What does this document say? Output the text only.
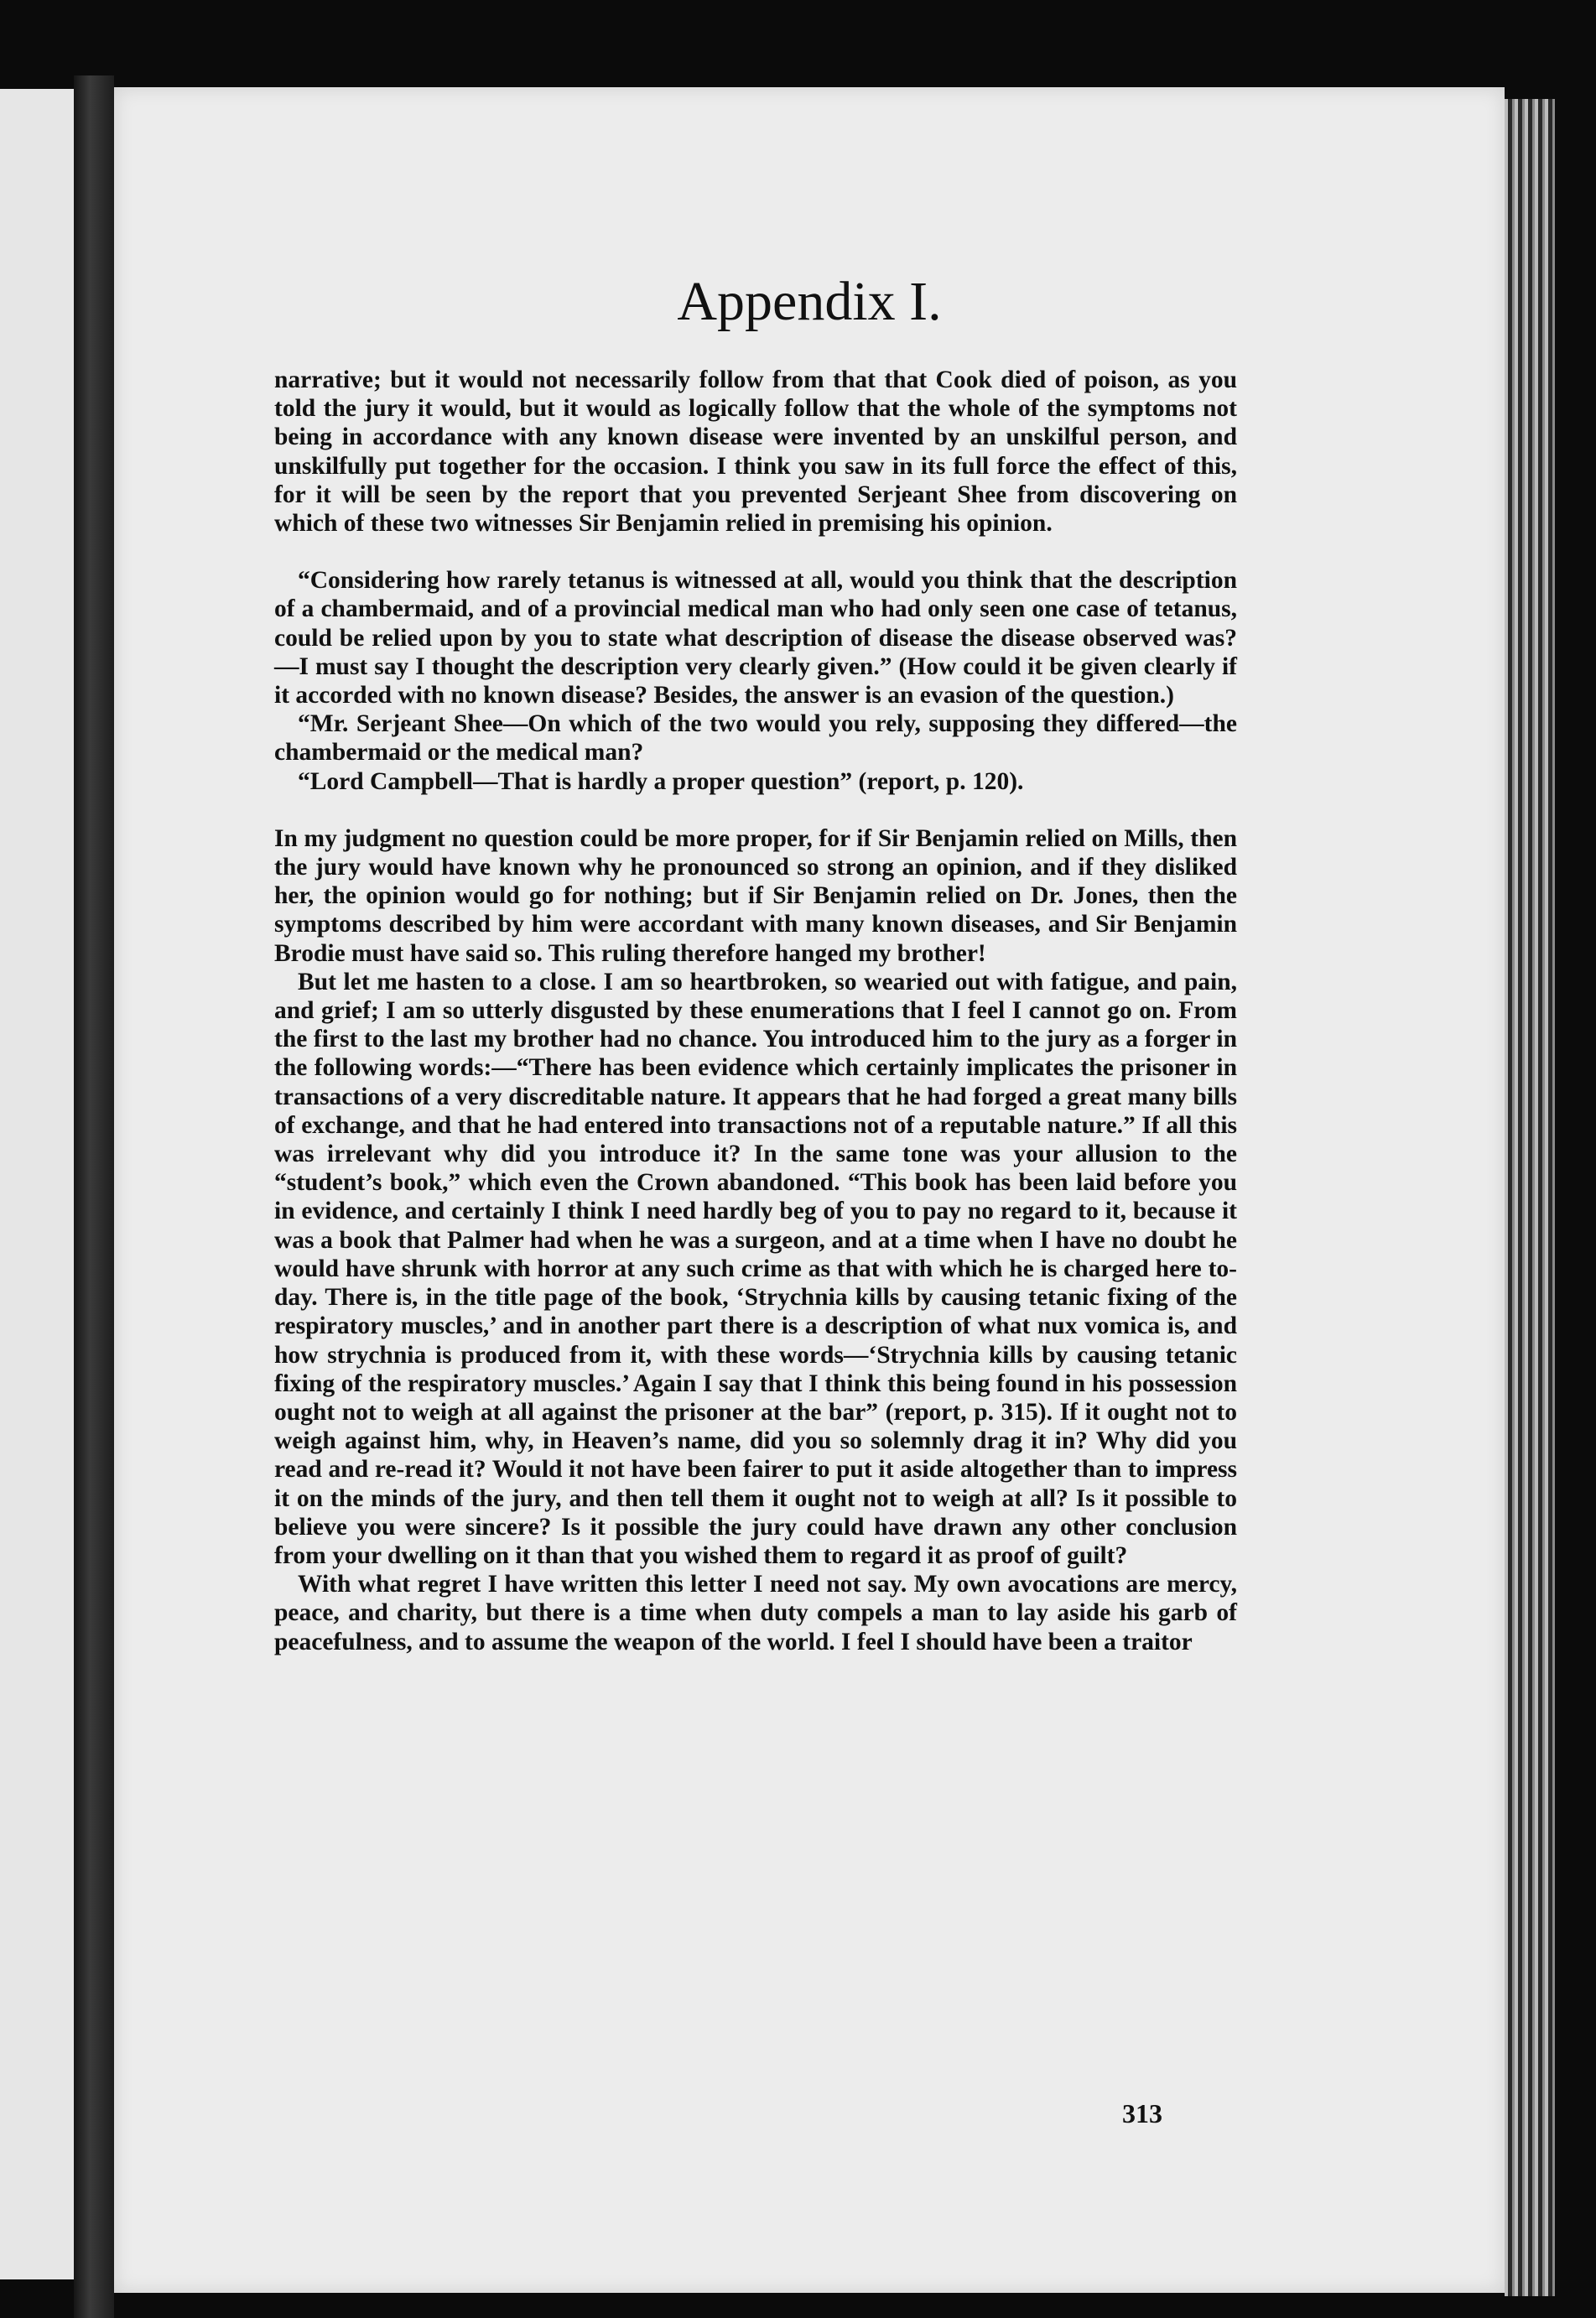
Appendix I.

narrative; but it would not necessarily follow from that that Cook died of poison, as you told the jury it would, but it would as logically follow that the whole of the symptoms not being in accordance with any known disease were invented by an unskilful person, and unskilfully put together for the occasion. I think you saw in its full force the effect of this, for it will be seen by the report that you prevented Serjeant Shee from discovering on which of these two witnesses Sir Benjamin relied in premising his opinion.

“Considering how rarely tetanus is witnessed at all, would you think that the description of a chambermaid, and of a provincial medical man who had only seen one case of tetanus, could be relied upon by you to state what description of disease the disease observed was?—I must say I thought the description very clearly given.” (How could it be given clearly if it accorded with no known disease? Besides, the answer is an evasion of the question.)

“Mr. Serjeant Shee—On which of the two would you rely, supposing they differed—the chambermaid or the medical man?

“Lord Campbell—That is hardly a proper question” (report, p. 120).

In my judgment no question could be more proper, for if Sir Benjamin relied on Mills, then the jury would have known why he pronounced so strong an opinion, and if they disliked her, the opinion would go for nothing; but if Sir Benjamin relied on Dr. Jones, then the symptoms described by him were accordant with many known diseases, and Sir Benjamin Brodie must have said so. This ruling therefore hanged my brother!

But let me hasten to a close. I am so heartbroken, so wearied out with fatigue, and pain, and grief; I am so utterly disgusted by these enumerations that I feel I cannot go on. From the first to the last my brother had no chance. You introduced him to the jury as a forger in the following words:—“There has been evidence which certainly implicates the prisoner in transactions of a very discreditable nature. It appears that he had forged a great many bills of exchange, and that he had entered into transactions not of a reputable nature.” If all this was irrelevant why did you introduce it? In the same tone was your allusion to the “student’s book,” which even the Crown abandoned. “This book has been laid before you in evidence, and certainly I think I need hardly beg of you to pay no regard to it, because it was a book that Palmer had when he was a surgeon, and at a time when I have no doubt he would have shrunk with horror at any such crime as that with which he is charged here to-day. There is, in the title page of the book, ‘Strychnia kills by causing tetanic fixing of the respiratory muscles,’ and in another part there is a description of what nux vomica is, and how strychnia is produced from it, with these words—‘Strychnia kills by causing tetanic fixing of the respiratory muscles.’ Again I say that I think this being found in his possession ought not to weigh at all against the prisoner at the bar” (report, p. 315). If it ought not to weigh against him, why, in Heaven’s name, did you so solemnly drag it in? Why did you read and re-read it? Would it not have been fairer to put it aside altogether than to impress it on the minds of the jury, and then tell them it ought not to weigh at all? Is it possible to believe you were sincere? Is it possible the jury could have drawn any other conclusion from your dwelling on it than that you wished them to regard it as proof of guilt?

With what regret I have written this letter I need not say. My own avocations are mercy, peace, and charity, but there is a time when duty compels a man to lay aside his garb of peacefulness, and to assume the weapon of the world. I feel I should have been a traitor

313
